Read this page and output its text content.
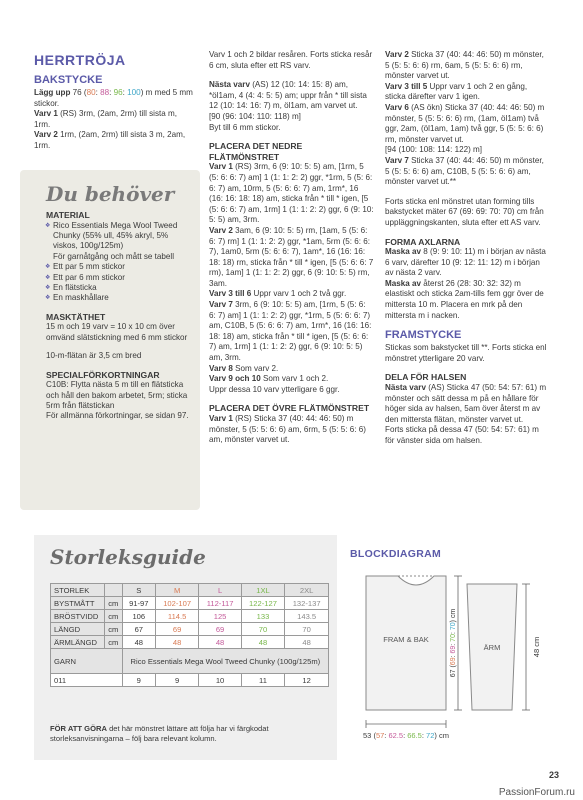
HERRTRÖJA
BAKSTYCKE
Lägg upp 76 (80: 88: 96: 100) m med 5 mm stickor.
Varv 1 (RS) 3rm, (2am, 2rm) till sista m, 1rm.
Varv 2 1rm, (2am, 2rm) till sista 3 m, 2am, 1rm.
Du behöver
MATERIAL
❖ Rico Essentials Mega Wool Tweed Chunky (55% ull, 45% akryl, 5% viskos, 100g/125m)
För garnåtgång och mått se tabell
❖ Ett par 5 mm stickor
❖ Ett par 6 mm stickor
❖ En flätsticka
❖ En maskhållare
MASKTÄTHET
15 m och 19 varv = 10 x 10 cm över omvänd slätstickning med 6 mm stickor
10-m-flätan är 3,5 cm bred
SPECIALFÖRKORTNINGAR
C10B: Flytta nästa 5 m till en flätsticka och håll den bakom arbetet, 5rm; sticka 5rm från flätstickan
För allmänna förkortningar, se sidan 97.
Varv 1 och 2 bildar resåren. Forts sticka resår 6 cm, sluta efter ett RS varv.
Nästa varv (AS) 12 (10: 14: 15: 8) am, *öl1am, 4 (4: 4: 5: 5) am; uppr från * till sista 12 (10: 14: 16: 7) m, öl1am, am varvet ut.
[90 (96: 104: 110: 118) m]
Byt till 6 mm stickor.
PLACERA DET NEDRE FLÄTMÖNSTRET
Varv 1 (RS) 3rm, 6 (9: 10: 5: 5) am, [1rm, 5 (5: 6: 6: 7) am] 1 (1: 1: 2: 2) ggr, *1rm, 5 (5: 6: 6: 7) am, 10rm, 5 (5: 6: 6: 7) am, 1rm*, 16 (16: 16: 18: 18) am, sticka från * till * igen, [5 (5: 6: 6: 7) am, 1rm] 1 (1: 1: 2: 2) ggr, 6 (9: 10: 5: 5) am, 3rm.
Varv 2 3am, 6 (9: 10: 5: 5) rm, [1am, 5 (5: 6: 6: 7) rm] 1 (1: 1: 2: 2) ggr, *1am, 5rm (5: 6: 6: 7), 1am0, 5rm (5: 6: 6: 7), 1am*, 16 (16: 16: 18: 18) rm, sticka från * till * igen, [5 (5: 6: 6: 7 rm), 1am] 1 (1: 1: 2: 2) ggr, 6 (9: 10: 5: 5) rm, 3am.
Varv 3 till 6 Uppr varv 1 och 2 två ggr.
Varv 7 3rm, 6 (9: 10: 5: 5) am, [1rm, 5 (5: 6: 6: 7) am] 1 (1: 1: 2: 2) ggr, *1rm, 5 (5: 6: 6: 7) am, C10B, 5 (5: 6: 6: 7) am, 1rm*, 16 (16: 16: 18: 18) am, sticka från * till * igen, [5 (5: 6: 6: 7) am, 1rm] 1 (1: 1: 2: 2) ggr, 6 (9: 10: 5: 5) am, 3rm.
Varv 8 Som varv 2.
Varv 9 och 10 Som varv 1 och 2.
Uppr dessa 10 varv ytterligare 6 ggr.
PLACERA DET ÖVRE FLÄTMÖNSTRET
Varv 1 (RS) Sticka 37 (40: 44: 46: 50) m mönster, 5 (5: 5: 6: 6) am, 6rm, 5 (5: 5: 6: 6) am, mönster varvet ut.
Varv 2 Sticka 37 (40: 44: 46: 50) m mönster, 5 (5: 5: 6: 6) rm, 6am, 5 (5: 5: 6: 6) rm, mönster varvet ut.
Varv 3 till 5 Uppr varv 1 och 2 en gång, sticka därefter varv 1 igen.
Varv 6 (AS ökn) Sticka 37 (40: 44: 46: 50) m mönster, 5 (5: 5: 6: 6) rm, (1am, öl1am) två ggr, 2am, (öl1am, 1am) två ggr, 5 (5: 5: 6: 6) rm, mönster varvet ut.
[94 (100: 108: 114: 122) m]
Varv 7 Sticka 37 (40: 44: 46: 50) m mönster, 5 (5: 5: 6: 6) am, C10B, 5 (5: 5: 6: 6) am, mönster varvet ut.**
Forts sticka enl mönstret utan forming tills bakstycket mäter 67 (69: 69: 70: 70) cm från uppläggningskanten, sluta efter ett AS varv.
FORMA AXLARNA
Maska av 8 (9: 9: 10: 11) m i början av nästa 6 varv, därefter 10 (9: 12: 11: 12) m i början av nästa 2 varv.
Maska av återst 26 (28: 30: 32: 32) m elastiskt och sticka 2am-tills fem ggr över de mittersta 10 m. Placera en mrk på den mittersta m i nacken.
FRAMSTYCKE
Stickas som bakstycket till **. Forts sticka enl mönstret ytterligare 20 varv.
DELA FÖR HALSEN
Nästa varv (AS) Sticka 47 (50: 54: 57: 61) m mönster och sätt dessa m på en hållare för höger sida av halsen, 5am över återst m av den mittersta flätan, mönster varvet ut.
Forts sticka på dessa 47 (50: 54: 57: 61) m för vänster sida om halsen.
Storleksguide
STORLEK		S	M	L	1XL	2XL
BYSTMÅTT	cm	91-97	102-107	112-117	122-127	132-137
BRÖSTVIDD	cm	106	114.5	125	133	143.5
LÄNGD	cm	67	69	69	70	70
ÄRMLÄNGD	cm	48	48	48	48	48
GARN		Rico Essentials Mega Wool Tweed Chunky (100g/125m)				
011		9	9	10	11	12
FÖR ATT GÖRA det här mönstret lättare att följa har vi färgkodat storleksanvisningarna – följ bara relevant kolumn.
BLOCKDIAGRAM
FRAM & BAK
ÄRM
53 (57: 62.5: 66.5: 72) cm
67 (69: 69: 70: 70) cm
48 cm
23
PassionForum.ru
